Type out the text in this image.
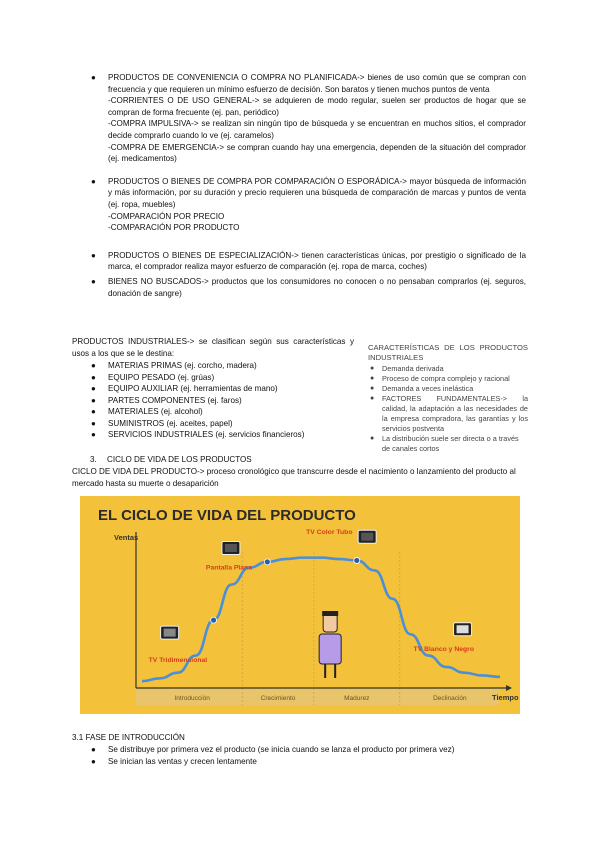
● PRODUCTOS DE CONVENIENCIA O COMPRA NO PLANIFICADA-> bienes de uso común que se compran con frecuencia y que requieren un mínimo esfuerzo de decisión. Son baratos y tienen muchos puntos de venta

-CORRIENTES O DE USO GENERAL-> se adquieren de modo regular, suelen ser productos de hogar que se compran de forma frecuente (ej. pan, periódico)

-COMPRA IMPULSIVA-> se realizan sin ningún tipo de búsqueda y se encuentran en muchos sitios, el comprador decide comprarlo cuando lo ve (ej. caramelos)

-COMPRA DE EMERGENCIA-> se compran cuando hay una emergencia, dependen de la situación del comprador (ej. medicamentos)

● PRODUCTOS O BIENES DE COMPRA POR COMPARACIÓN O ESPORÁDICA-> mayor búsqueda de información y más información, por su duración y precio requieren una búsqueda de comparación de marcas y puntos de venta (ej. ropa, muebles)

-COMPARACIÓN POR PRECIO

-COMPARACIÓN POR PRODUCTO

● PRODUCTOS O BIENES DE ESPECIALIZACIÓN-> tienen características únicas, por prestigio o significado de la marca, el comprador realiza mayor esfuerzo de comparación (ej. ropa de marca, coches)

● BIENES NO BUSCADOS-> productos que los consumidores no conocen o no pensaban comprarlos (ej. seguros, donación de sangre)

PRODUCTOS INDUSTRIALES-> se clasifican según sus características y usos a los que se le destina:
● MATERIAS PRIMAS (ej. corcho, madera)
● EQUIPO PESADO (ej. grúas)
● EQUIPO AUXILIAR (ej. herramientas de mano)
● PARTES COMPONENTES (ej. faros)
● MATERIALES (ej. alcohol)
● SUMINISTROS (ej. aceites, papel)
● SERVICIOS INDUSTRIALES (ej. servicios financieros)
CARACTERÍSTICAS DE LOS PRODUCTOS INDUSTRIALES
● Demanda derivada
● Proceso de compra complejo y racional
● Demanda a veces inelástica
● FACTORES FUNDAMENTALES-> la calidad, la adaptación a las necesidades de la empresa compradora, las garantías y los servicios postventa
● La distribución suele ser directa o a través de canales cortos
3. CICLO DE VIDA DE LOS PRODUCTOS
CICLO DE VIDA DEL PRODUCTO-> proceso cronológico que transcurre desde el nacimiento o lanzamiento del producto al mercado hasta su muerte o desaparición
EL CICLO DE VIDA DEL PRODUCTO
Introducción	Crecimiento	Madurez	Declinación
Ventas
Tiempo
TV Tridimensional
Pantalla Plana
TV Color Tubo
TV Blanco y Negro
3.1 FASE DE INTRODUCCIÓN
● Se distribuye por primera vez el producto (se inicia cuando se lanza el producto por primera vez)
● Se inician las ventas y crecen lentamente
